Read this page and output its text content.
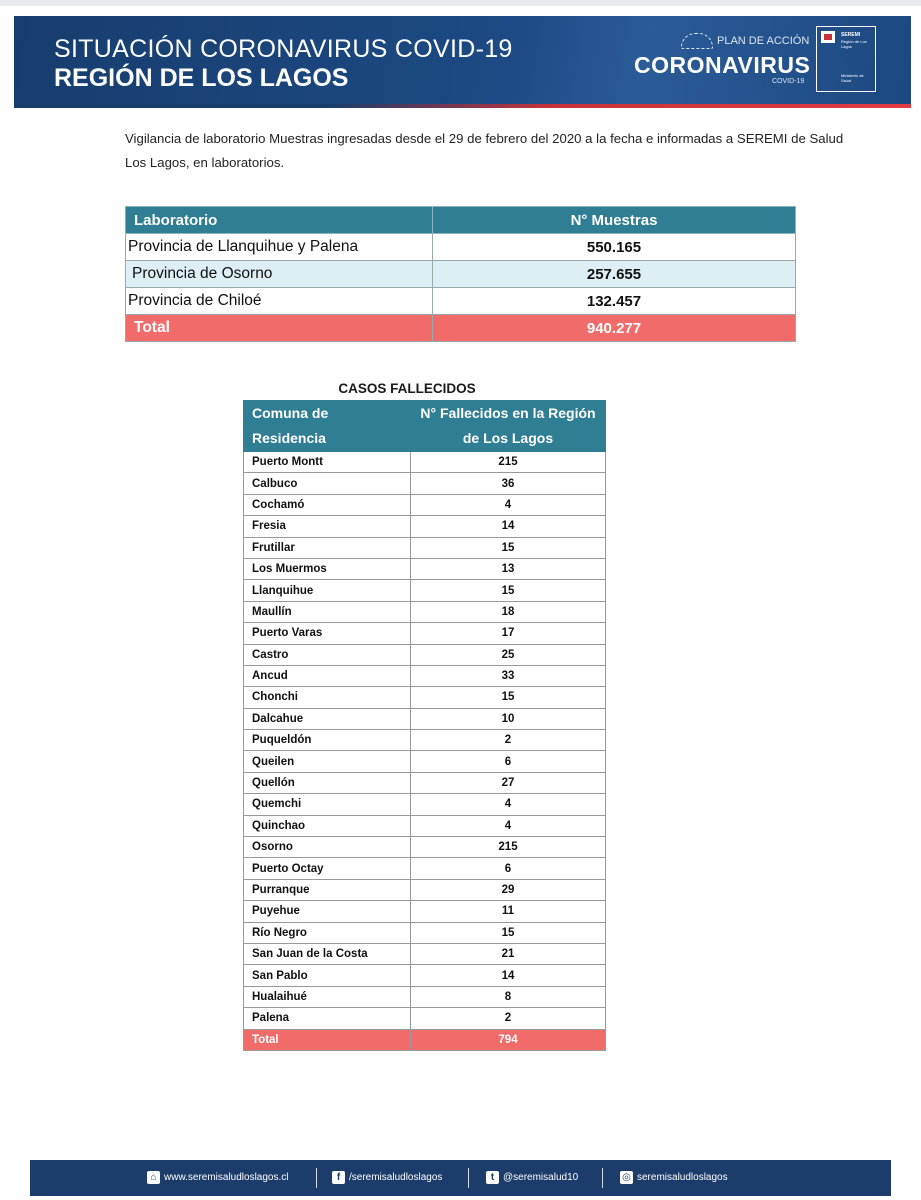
SITUACIÓN CORONAVIRUS COVID-19
REGIÓN DE LOS LAGOS
PLAN DE ACCIÓN
CORONAVIRUS
COVID-19
SEREMI
Región de Los Lagos
Ministerio de Salud
Vigilancia de laboratorio Muestras ingresadas desde el 29 de febrero del 2020 a la fecha e informadas a SEREMI de Salud Los Lagos, en laboratorios.
Laboratorio	N° Muestras
Provincia de Llanquihue y Palena	550.165
Provincia de Osorno	257.655
Provincia de Chiloé	132.457
Total	940.277
CASOS FALLECIDOS
Comuna de Residencia	N° Fallecidos en la Región de Los Lagos
Puerto Montt	215
Calbuco	36
Cochamó	4
Fresia	14
Frutillar	15
Los Muermos	13
Llanquihue	15
Maullín	18
Puerto Varas	17
Castro	25
Ancud	33
Chonchi	15
Dalcahue	10
Puqueldón	2
Queilen	6
Quellón	27
Quemchi	4
Quinchao	4
Osorno	215
Puerto Octay	6
Purranque	29
Puyehue	11
Río Negro	15
San Juan de la Costa	21
San Pablo	14
Hualaihué	8
Palena	2
Total	794
⌂ www.seremisaludloslagos.cl	f /seremisaludloslagos	t @seremisalud10	◎ seremisaludloslagos
